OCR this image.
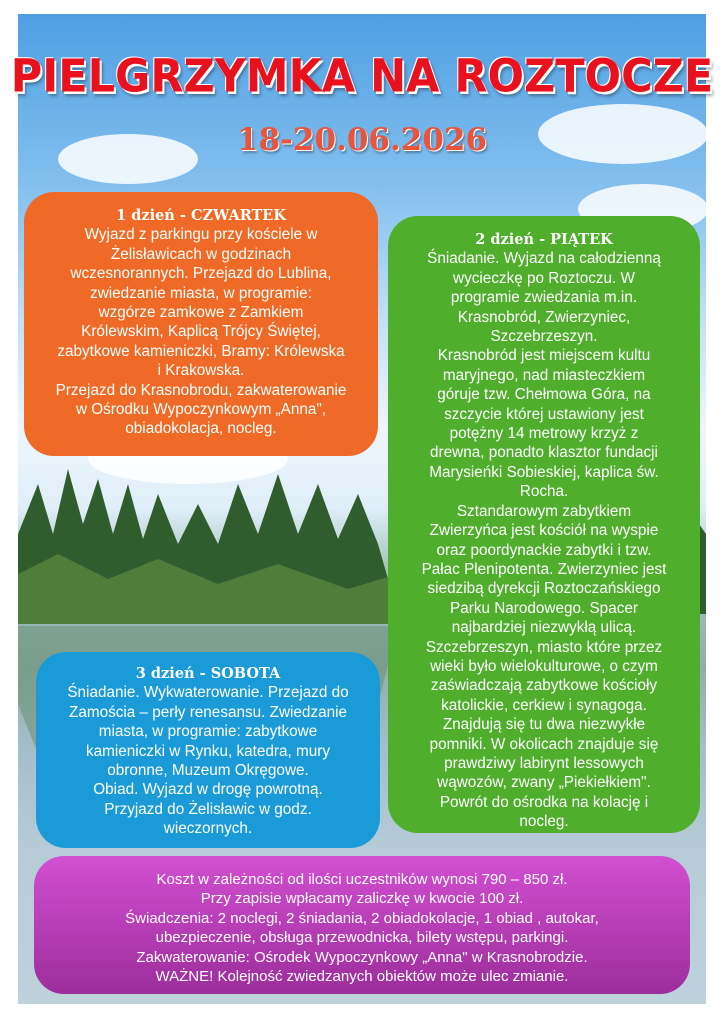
PIELGRZYMKA NA ROZTOCZE
18-20.06.2026
1 dzień - CZWARTEK
Wyjazd z parkingu przy kościele w
Żelisławicach w godzinach
wczesnorannych. Przejazd do Lublina,
zwiedzanie miasta, w programie:
wzgórze zamkowe z Zamkiem
Królewskim, Kaplicą Trójcy Świętej,
zabytkowe kamieniczki, Bramy: Królewska
i Krakowska.
Przejazd do Krasnobrodu, zakwaterowanie
w Ośrodku Wypoczynkowym „Anna",
obiadokolacja, nocleg.
2 dzień - PIĄTEK
Śniadanie. Wyjazd na całodzienną
wycieczkę po Roztoczu. W
programie zwiedzania m.in.
Krasnobród, Zwierzyniec,
Szczebrzeszyn.
Krasnobród jest miejscem kultu
maryjnego, nad miasteczkiem
góruje tzw. Chełmowa Góra, na
szczycie której ustawiony jest
potężny 14 metrowy krzyż z
drewna, ponadto klasztor fundacji
Marysieńki Sobieskiej, kaplica św.
Rocha.
Sztandarowym zabytkiem
Zwierzyńca jest kościół na wyspie
oraz poordynackie zabytki i tzw.
Pałac Plenipotenta. Zwierzyniec jest
siedzibą dyrekcji Roztoczańskiego
Parku Narodowego. Spacer
najbardziej niezwykłą ulicą.
Szczebrzeszyn, miasto które przez
wieki było wielokulturowe, o czym
zaświadczają zabytkowe kościoły
katolickie, cerkiew i synagoga.
Znajdują się tu dwa niezwykłe
pomniki. W okolicach znajduje się
prawdziwy labirynt lessowych
wąwozów, zwany „Piekiełkiem".
Powrót do ośrodka na kolację i
nocleg.
3 dzień - SOBOTA
Śniadanie. Wykwaterowanie. Przejazd do
Zamościa – perły renesansu. Zwiedzanie
miasta, w programie: zabytkowe
kamieniczki w Rynku, katedra, mury
obronne, Muzeum Okręgowe.
Obiad. Wyjazd w drogę powrotną.
Przyjazd do Żelisławic w godz.
wieczornych.
Koszt w zależności od ilości uczestników wynosi 790 – 850 zł.
Przy zapisie wpłacamy zaliczkę w kwocie 100 zł.
Świadczenia: 2 noclegi, 2 śniadania, 2 obiadokolacje, 1 obiad , autokar,
ubezpieczenie, obsługa przewodnicka, bilety wstępu, parkingi.
Zakwaterowanie: Ośrodek Wypoczynkowy „Anna" w Krasnobrodzie.
WAŻNE! Kolejność zwiedzanych obiektów może ulec zmianie.
